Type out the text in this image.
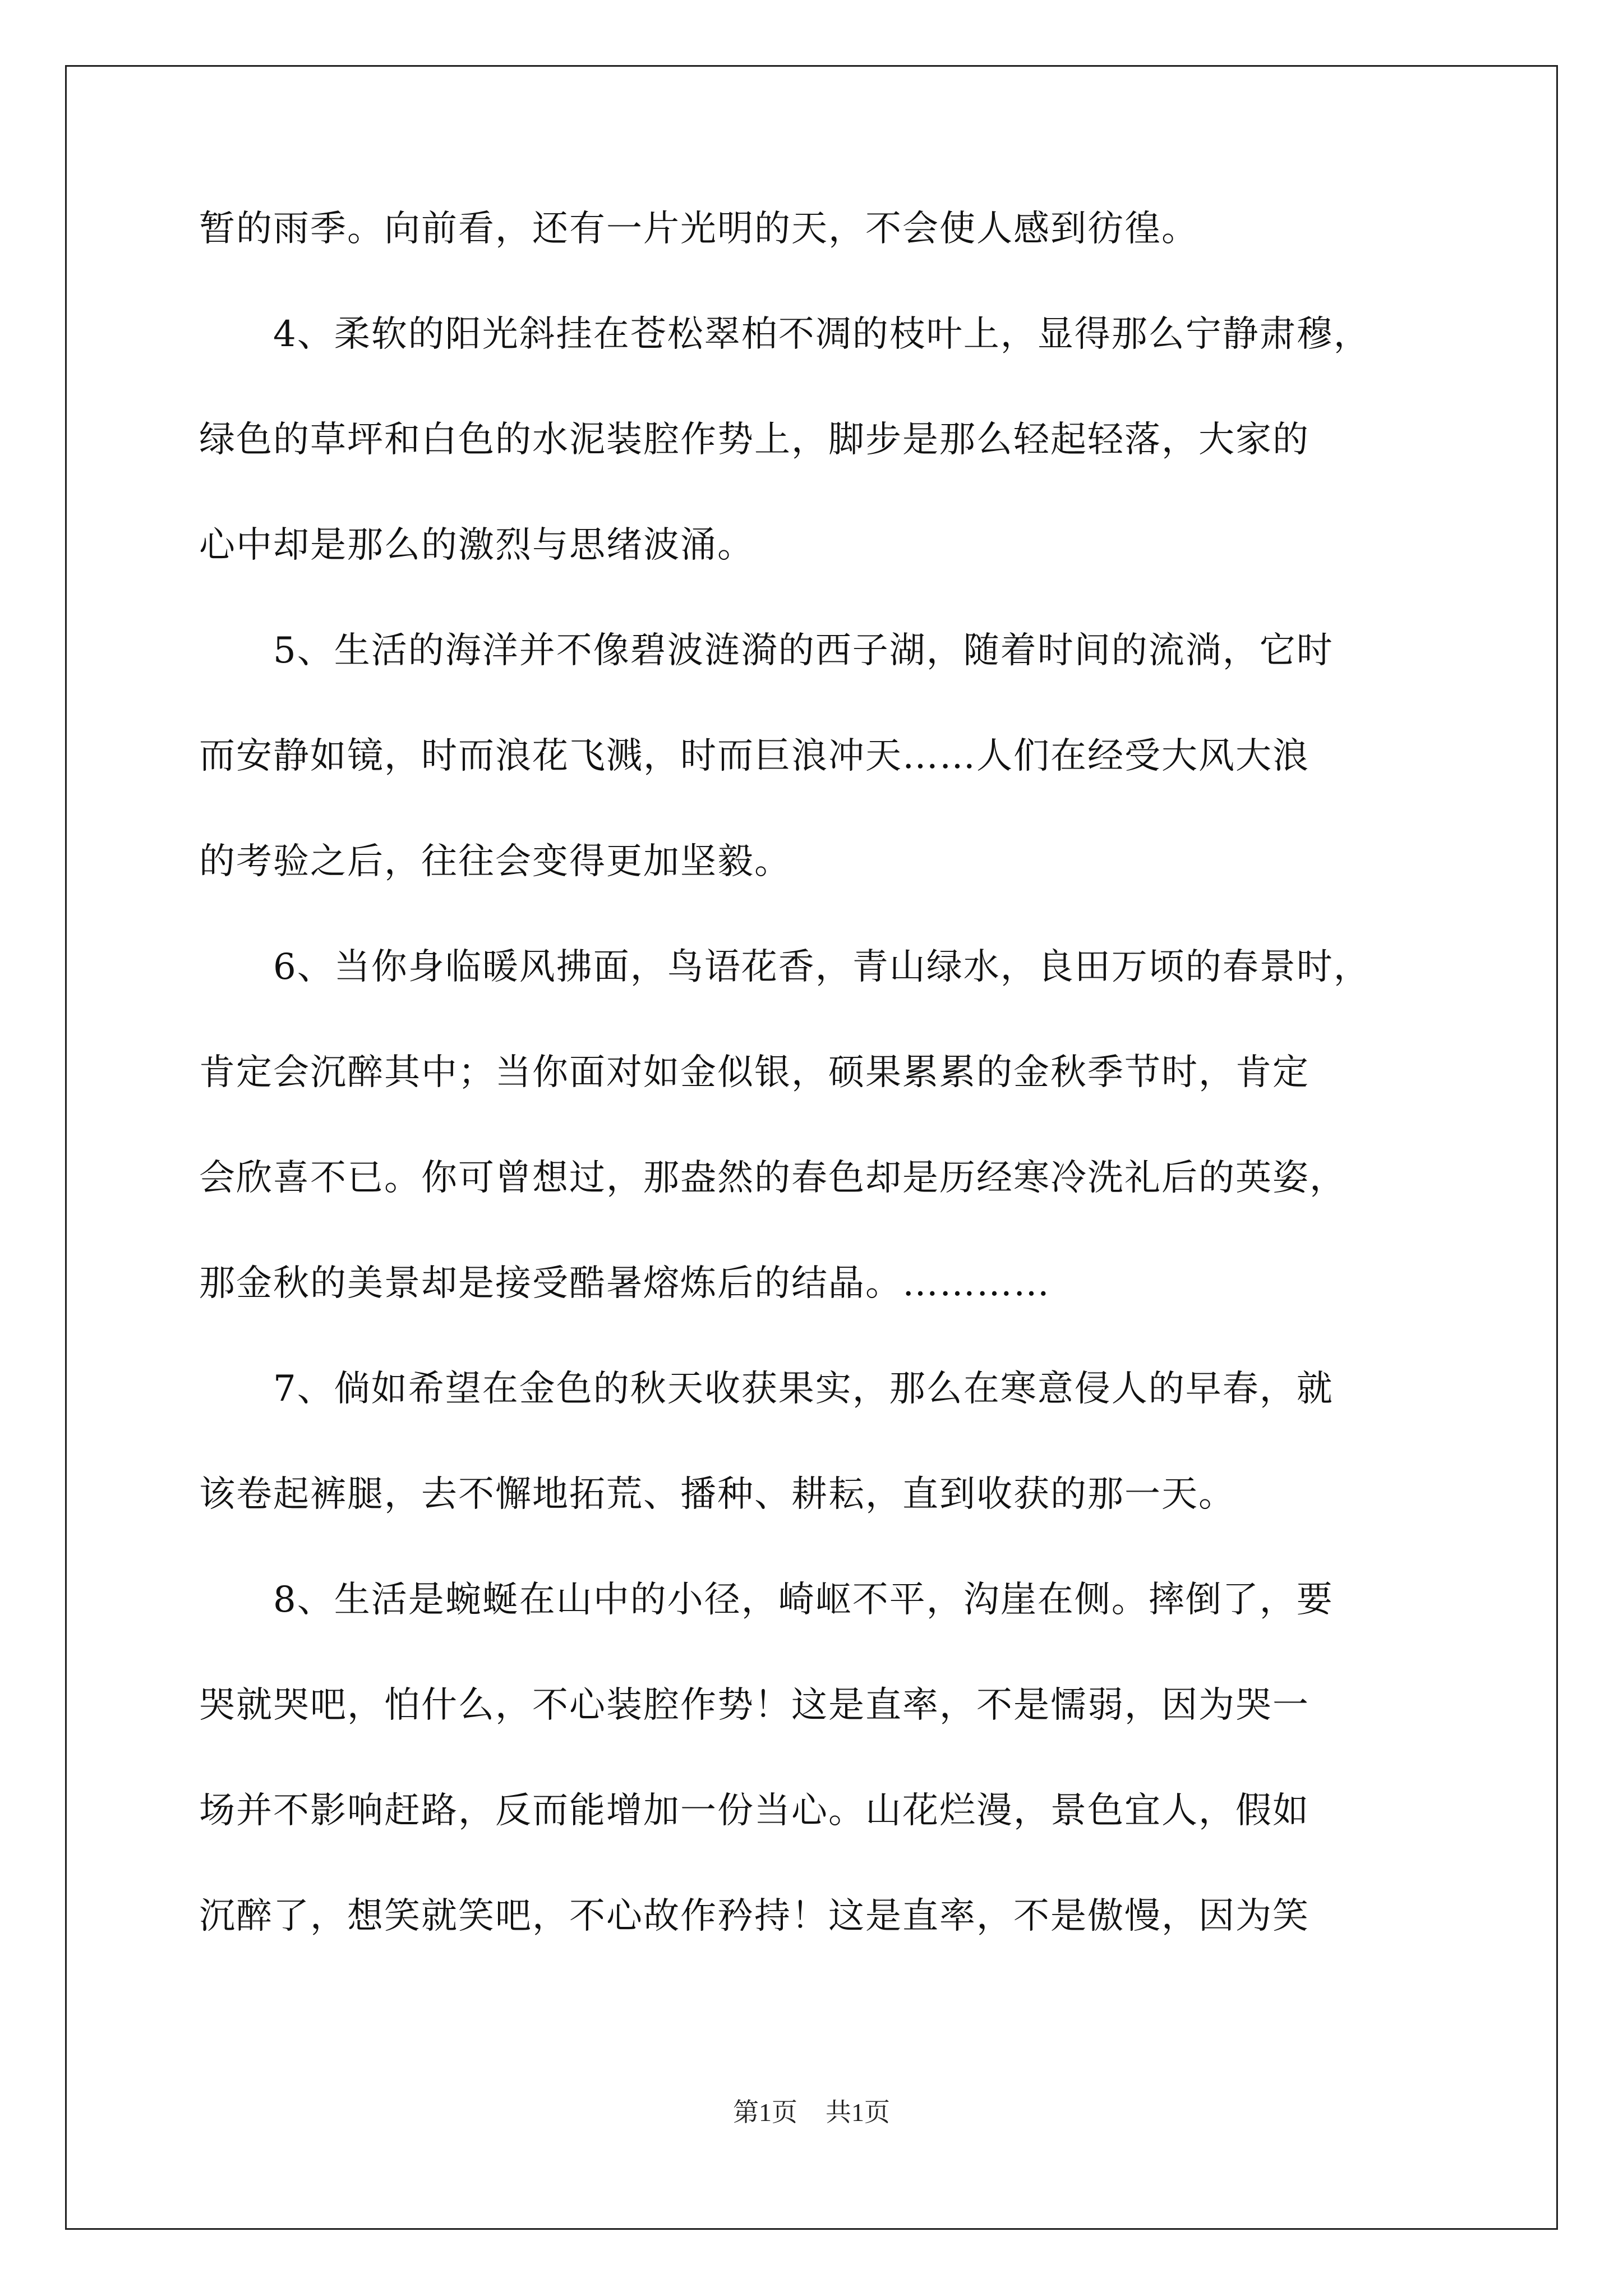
暂的雨季。向前看，还有一片光明的天，不会使人感到彷徨。
　　4、柔软的阳光斜挂在苍松翠柏不凋的枝叶上，显得那么宁静肃穆，
绿色的草坪和白色的水泥装腔作势上，脚步是那么轻起轻落，大家的
心中却是那么的激烈与思绪波涌。
　　5、生活的海洋并不像碧波涟漪的西子湖，随着时间的流淌，它时
而安静如镜，时而浪花飞溅，时而巨浪冲天……人们在经受大风大浪
的考验之后，往往会变得更加坚毅。
　　6、当你身临暖风拂面，鸟语花香，青山绿水，良田万顷的春景时，
肯定会沉醉其中；当你面对如金似银，硕果累累的金秋季节时，肯定
会欣喜不已。你可曾想过，那盎然的春色却是历经寒冷洗礼后的英姿，
那金秋的美景却是接受酷暑熔炼后的结晶。…………
　　7、倘如希望在金色的秋天收获果实，那么在寒意侵人的早春，就
该卷起裤腿，去不懈地拓荒、播种、耕耘，直到收获的那一天。
　　8、生活是蜿蜒在山中的小径，崎岖不平，沟崖在侧。摔倒了，要
哭就哭吧，怕什么，不心装腔作势！这是直率，不是懦弱，因为哭一
场并不影响赶路，反而能增加一份当心。山花烂漫，景色宜人，假如
沉醉了，想笑就笑吧，不心故作矜持！这是直率，不是傲慢，因为笑
第1页 共1页
